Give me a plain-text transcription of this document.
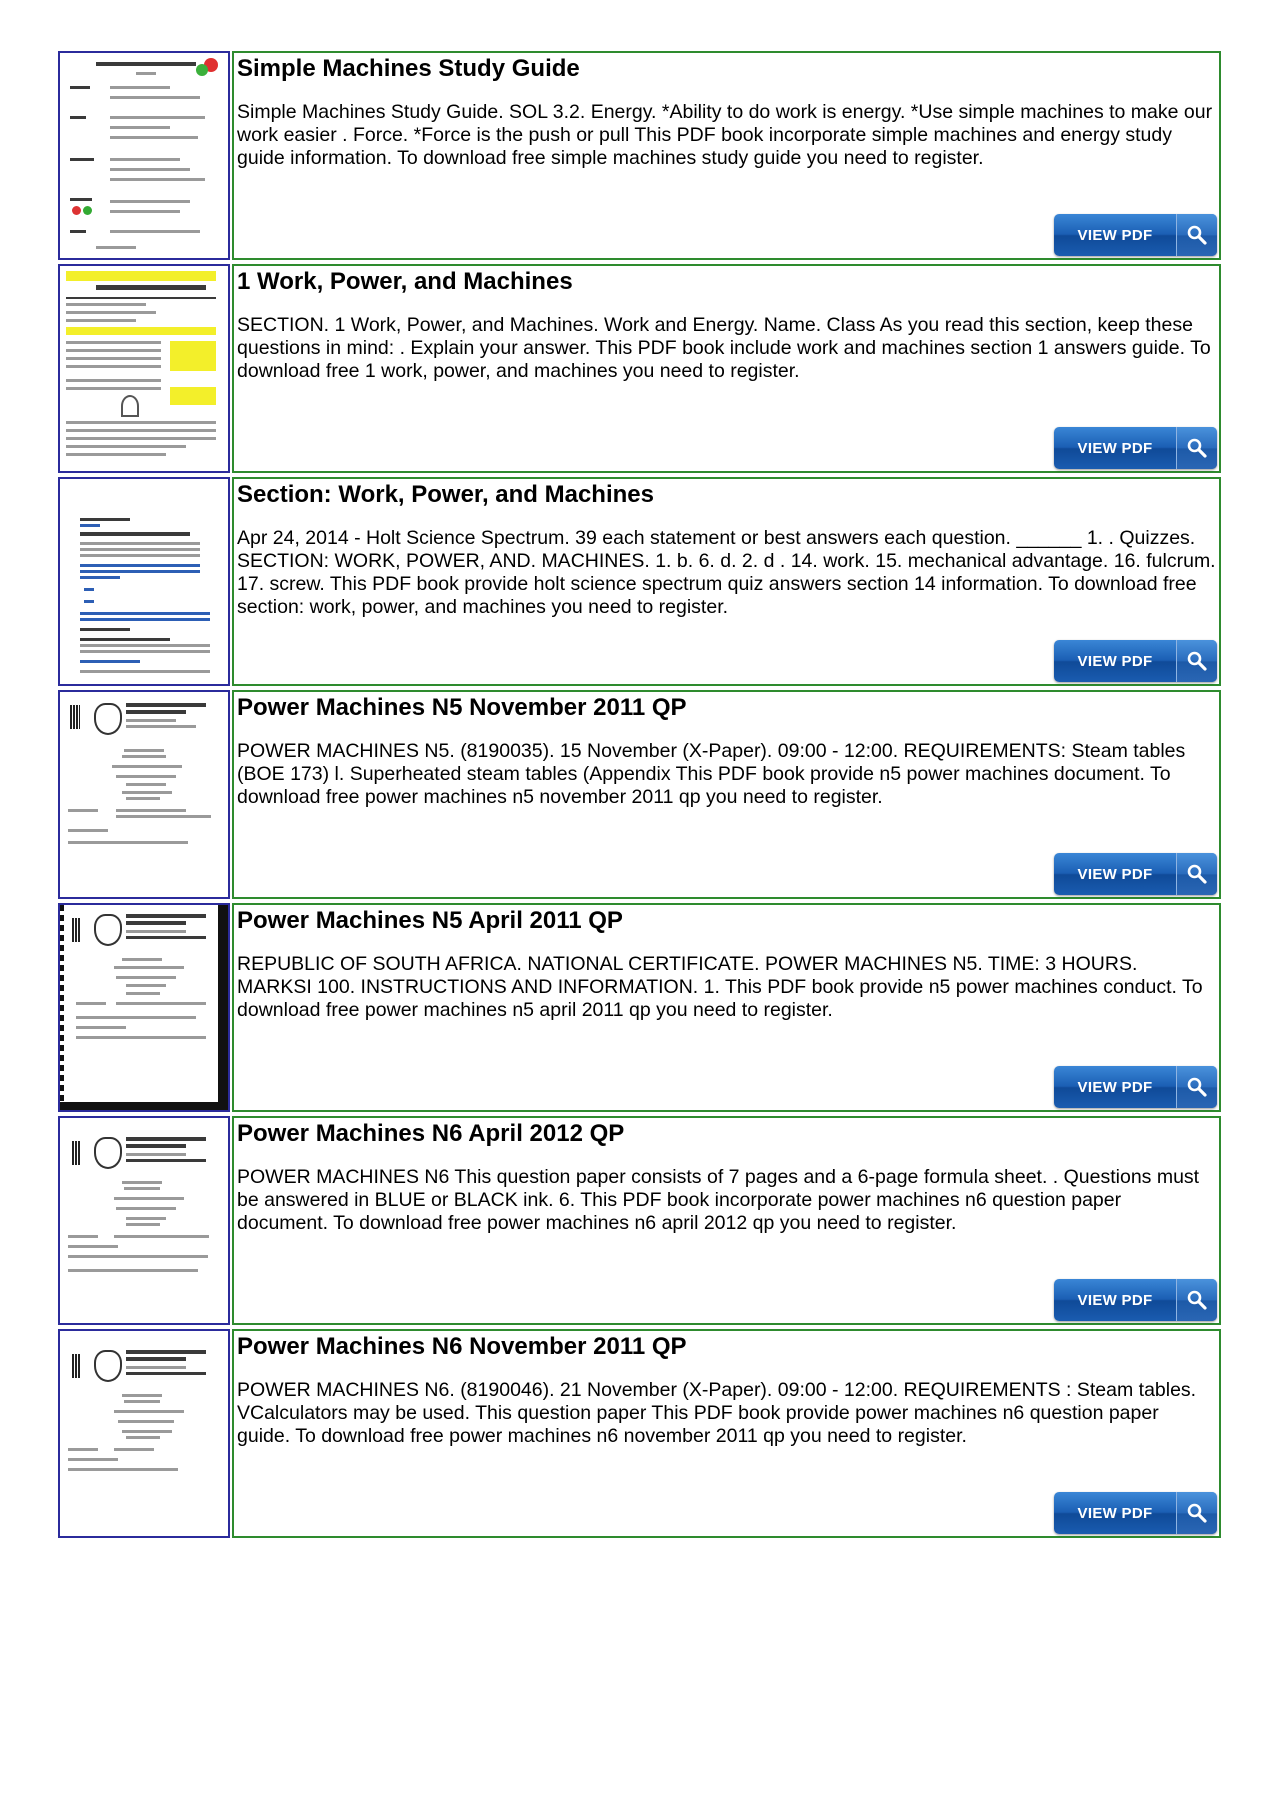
Simple Machines Study Guide
Simple Machines Study Guide. SOL 3.2. Energy. *Ability to do work is energy. *Use simple machines to make our work easier . Force. *Force is the push or pull This PDF book incorporate simple machines and energy study guide information. To download free simple machines study guide you need to register.
VIEW PDF
1 Work, Power, and Machines
SECTION. 1 Work, Power, and Machines. Work and Energy. Name. Class As you read this section, keep these questions in mind: . Explain your answer. This PDF book include work and machines section 1 answers guide. To download free 1 work, power, and machines you need to register.
VIEW PDF
Section: Work, Power, and Machines
Apr 24, 2014 - Holt Science Spectrum. 39 each statement or best answers each question. ______ 1. . Quizzes. SECTION: WORK, POWER, AND. MACHINES. 1. b. 6. d. 2. d . 14. work. 15. mechanical advantage. 16. fulcrum. 17. screw. This PDF book provide holt science spectrum quiz answers section 14 information. To download free section: work, power, and machines you need to register.
VIEW PDF
Power Machines N5 November 2011 QP
POWER MACHINES N5. (8190035). 15 November (X-Paper). 09:00 - 12:00. REQUIREMENTS: Steam tables (BOE 173) l. Superheated steam tables (Appendix This PDF book provide n5 power machines document. To download free power machines n5 november 2011 qp you need to register.
VIEW PDF
Power Machines N5 April 2011 QP
REPUBLIC OF SOUTH AFRICA. NATIONAL CERTIFICATE. POWER MACHINES N5. TIME: 3 HOURS. MARKSI 100. INSTRUCTIONS AND INFORMATION. 1. This PDF book provide n5 power machines conduct. To download free power machines n5 april 2011 qp you need to register.
VIEW PDF
Power Machines N6 April 2012 QP
POWER MACHINES N6 This question paper consists of 7 pages and a 6-page formula sheet. . Questions must be answered in BLUE or BLACK ink. 6. This PDF book incorporate power machines n6 question paper document. To download free power machines n6 april 2012 qp you need to register.
VIEW PDF
Power Machines N6 November 2011 QP
POWER MACHINES N6. (8190046). 21 November (X-Paper). 09:00 - 12:00. REQUIREMENTS : Steam tables. VCalculators may be used. This question paper This PDF book provide power machines n6 question paper guide. To download free power machines n6 november 2011 qp you need to register.
VIEW PDF
